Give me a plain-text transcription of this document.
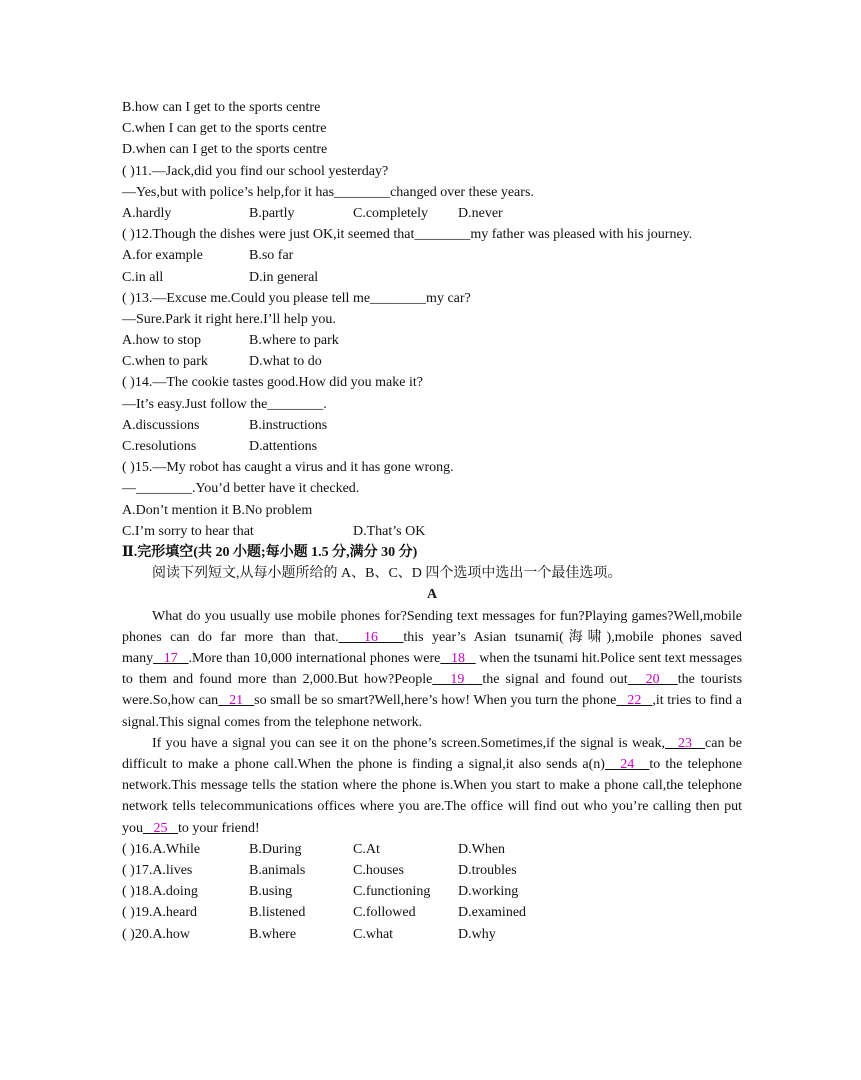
B.how can I get to the sports centre
C.when I can get to the sports centre
D.when can I get to the sports centre
( )11.—Jack,did you find our school yesterday?
—Yes,but with police’s help,for it has________changed over these years.
A.hardly	B.partly	C.completely	D.never
( )12.Though the dishes were just OK,it seemed that________my father was pleased with his journey.
A.for example	B.so far
C.in all	D.in general
( )13.—Excuse me.Could you please tell me________my car?
—Sure.Park it right here.I’ll help you.
A.how to stop	B.where to park
C.when to park	D.what to do
( )14.—The cookie tastes good.How did you make it?
—It’s easy.Just follow the________.
A.discussions	B.instructions
C.resolutions	D.attentions
( )15.—My robot has caught a virus and it has gone wrong.
—________.You’d better have it checked.
A.Don’t mention it B.No problem
C.I’m sorry to hear that	D.That’s OK
Ⅱ.完形填空(共 20 小题;每小题 1.5 分,满分 30 分)
阅读下列短文,从每小题所给的 A、B、C、D 四个选项中选出一个最佳选项。
A
What do you usually use mobile phones for?Sending text messages for fun?Playing games?Well,mobile phones can do far more than that. 16 this year’s Asian tsunami(海啸),mobile phones saved many 17 .More than 10,000 international phones were 18    when the tsunami hit.Police sent text messages to them and found more than 2,000.But how?People 19 the signal and found out 20 the tourists were.So,how can 21 so small be so smart?Well,here’s how! When you turn the phone 22 ,it tries to find a signal.This signal comes from the telephone network.
If you have a signal you can see it on the phone’s screen.Sometimes,if the signal is weak, 23 can be difficult to make a phone call.When the phone is finding a signal,it also sends a(n) 24 to the telephone network.This message tells the station where the phone is.When you start to make a phone call,the telephone network tells telecommunications offices where you are.The office will find out who you’re calling then put you 25 to your friend!
( )16.A.While	B.During	C.At	D.When
( )17.A.lives	B.animals	C.houses	D.troubles
( )18.A.doing	B.using	C.functioning	D.working
( )19.A.heard	B.listened	C.followed	D.examined
( )20.A.how	B.where	C.what	D.why
